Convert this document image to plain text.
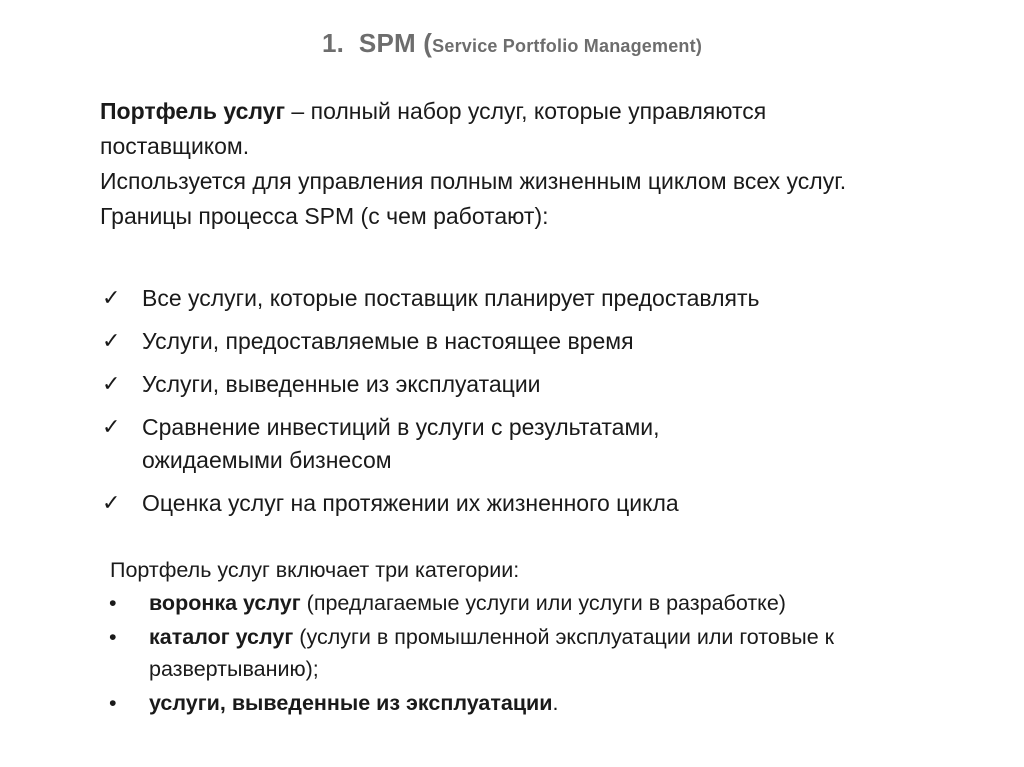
1. SPM (Service Portfolio Management)

Портфель услуг – полный набор услуг, которые управляются поставщиком.

Используется для управления полным жизненным циклом всех услуг.

Границы процесса SPM (с чем работают):

✓ Все услуги, которые поставщик планирует предоставлять
✓ Услуги, предоставляемые в настоящее время
✓ Услуги, выведенные из эксплуатации
✓ Сравнение инвестиций в услуги с результатами, ожидаемыми бизнесом
✓ Оценка услуг на протяжении их жизненного цикла

Портфель услуг включает три категории:

• воронка услуг (предлагаемые услуги или услуги в разработке)
• каталог услуг (услуги в промышленной эксплуатации или готовые к развертыванию);
• услуги, выведенные из эксплуатации.
